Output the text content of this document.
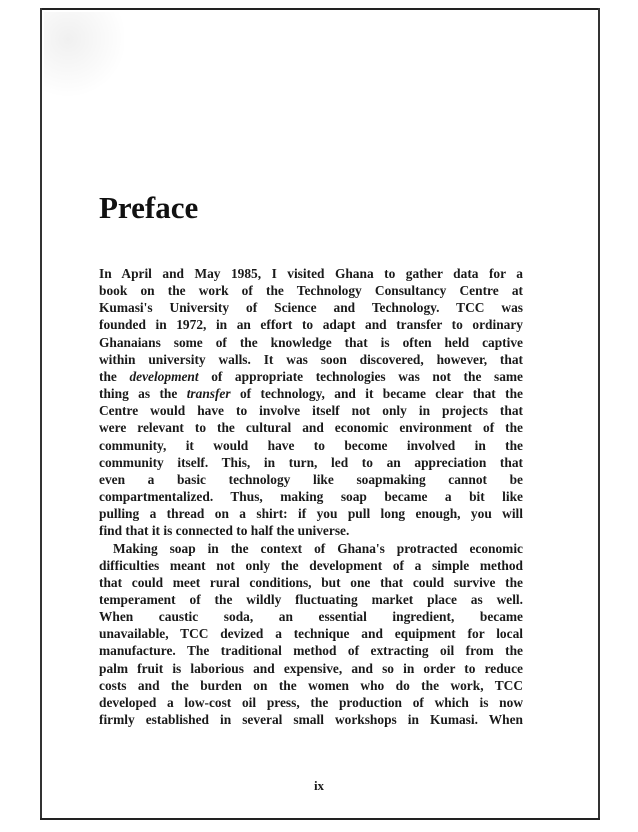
Preface
In April and May 1985, I visited Ghana to gather data for a
book on the work of the Technology Consultancy Centre at
Kumasi's University of Science and Technology. TCC was
founded in 1972, in an effort to adapt and transfer to ordinary
Ghanaians some of the knowledge that is often held captive
within university walls. It was soon discovered, however, that
the development of appropriate technologies was not the same
thing as the transfer of technology, and it became clear that the
Centre would have to involve itself not only in projects that
were relevant to the cultural and economic environment of the
community, it would have to become involved in the
community itself. This, in turn, led to an appreciation that
even a basic technology like soapmaking cannot be
compartmentalized. Thus, making soap became a bit like
pulling a thread on a shirt: if you pull long enough, you will
find that it is connected to half the universe.
Making soap in the context of Ghana's protracted economic
difficulties meant not only the development of a simple method
that could meet rural conditions, but one that could survive the
temperament of the wildly fluctuating market place as well.
When caustic soda, an essential ingredient, became
unavailable, TCC devized a technique and equipment for local
manufacture. The traditional method of extracting oil from the
palm fruit is laborious and expensive, and so in order to reduce
costs and the burden on the women who do the work, TCC
developed a low-cost oil press, the production of which is now
firmly established in several small workshops in Kumasi. When
ix
